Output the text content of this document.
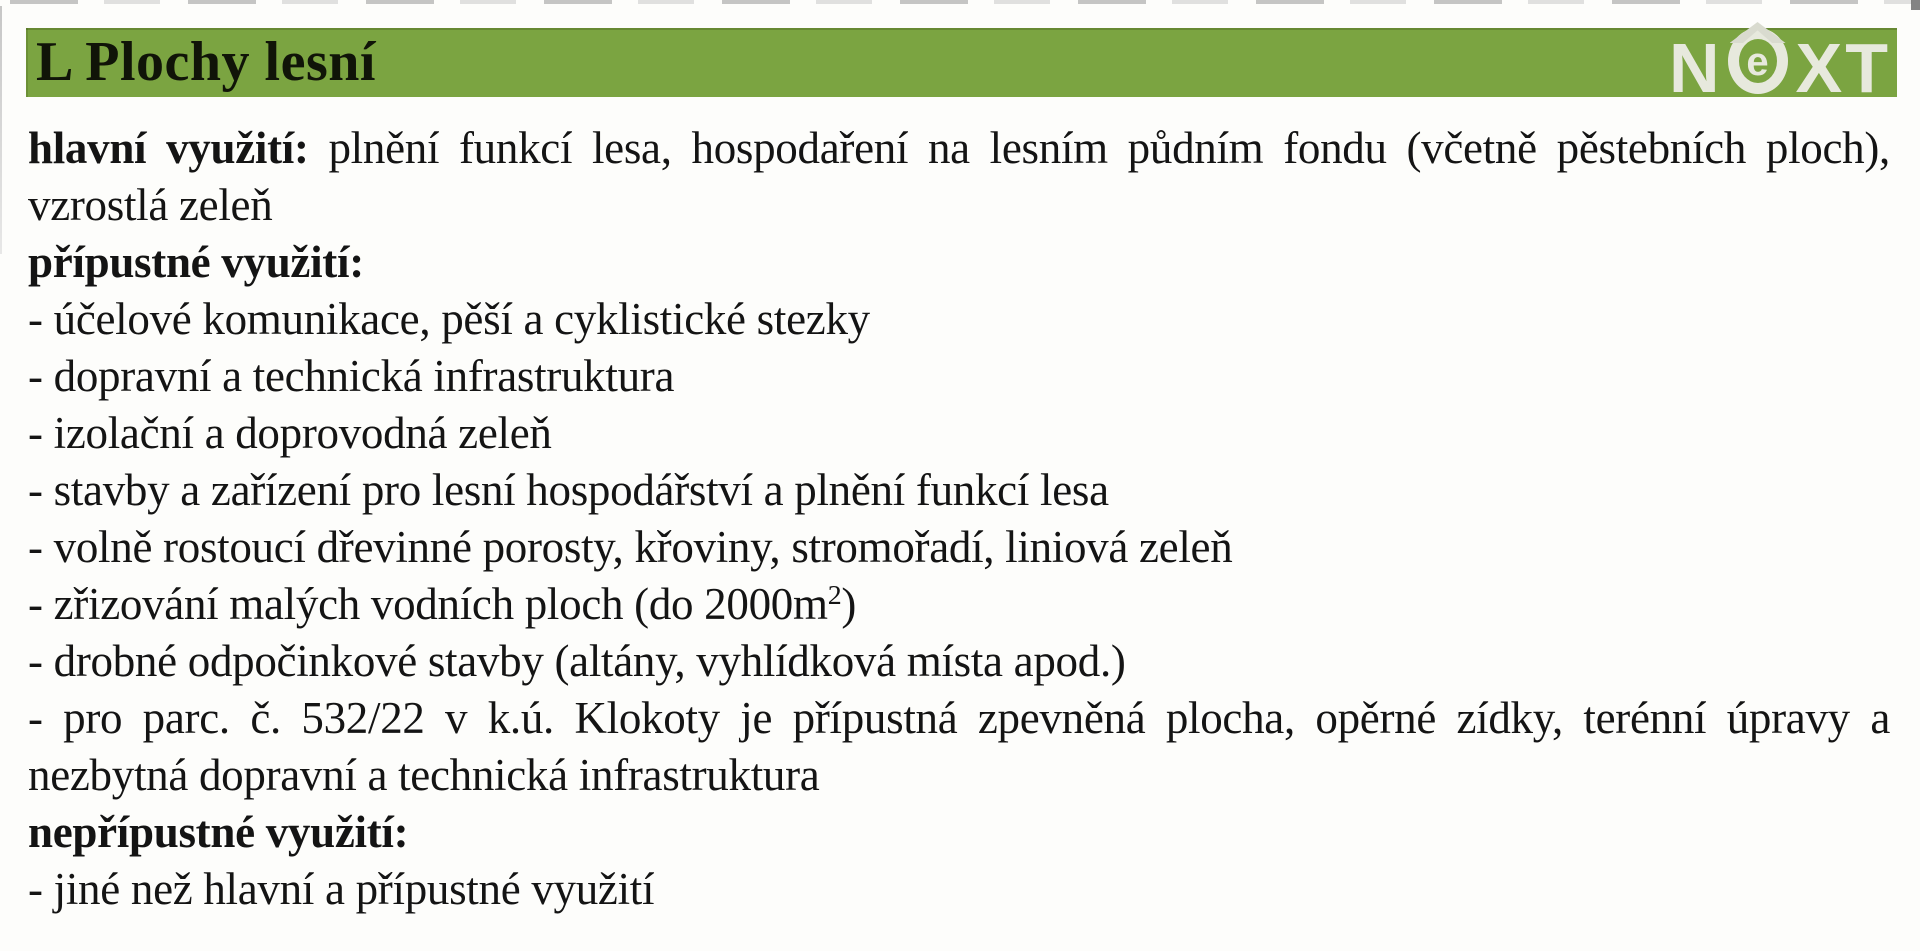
L Plochy lesní	N e X T

hlavní využití: plnění funkcí lesa, hospodaření na lesním půdním fondu (včetně pěstebních ploch), vzrostlá zeleň

přípustné využití:

- účelové komunikace, pěší a cyklistické stezky

- dopravní a technická infrastruktura

- izolační a doprovodná zeleň

- stavby a zařízení pro lesní hospodářství a plnění funkcí lesa

- volně rostoucí dřevinné porosty, křoviny, stromořadí, liniová zeleň

- zřizování malých vodních ploch (do $2000m^2$)

- drobné odpočinkové stavby (altány, vyhlídková místa apod.)

- pro parc. č. 532/22 v k.ú. Klokoty je přípustná zpevněná plocha, opěrné zídky, terénní úpravy a nezbytná dopravní a technická infrastruktura

nepřípustné využití:

- jiné než hlavní a přípustné využití
